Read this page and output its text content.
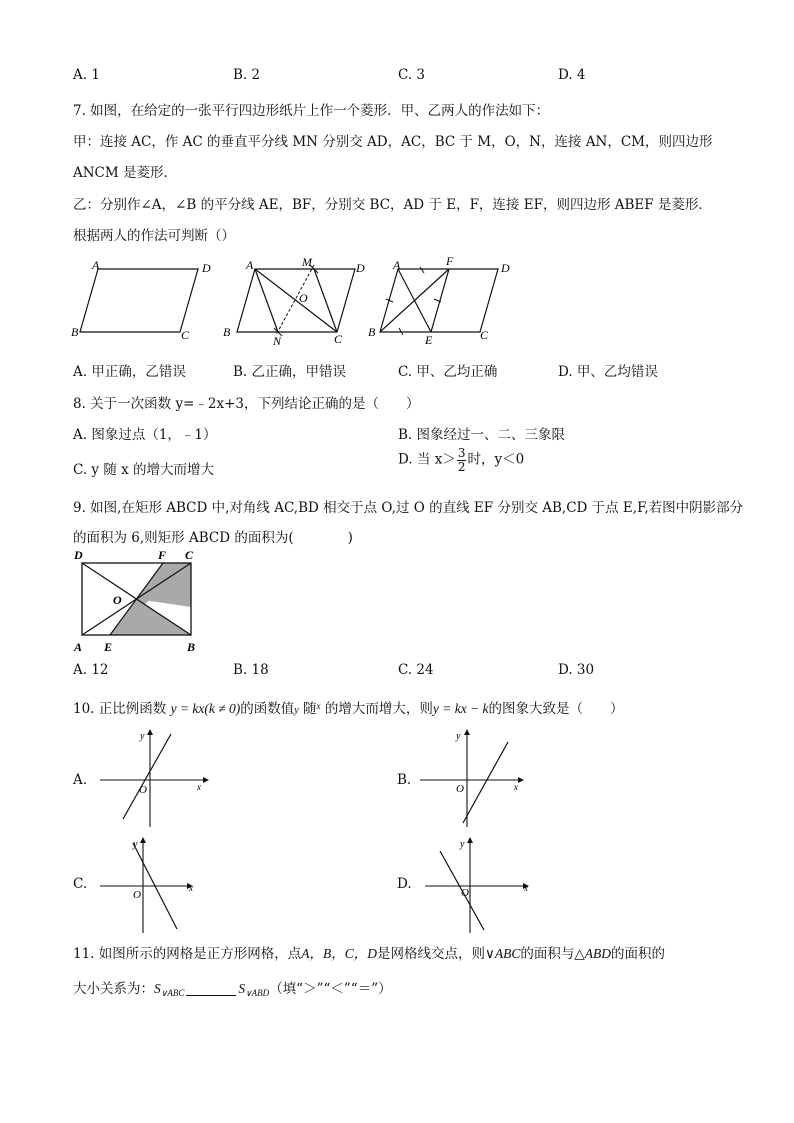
A. 1	B. 2	C. 3	D. 4
7. 如图，在给定的一张平行四边形纸片上作一个菱形．甲、乙两人的作法如下：
甲：连接 AC，作 AC 的垂直平分线 MN 分别交 AD，AC，BC 于 M，O，N，连接 AN，CM，则四边形
ANCM 是菱形．
乙：分别作∠A，∠B 的平分线 AE，BF，分别交 BC，AD 于 E，F，连接 EF，则四边形 ABEF 是菱形．
根据两人的作法可判断（）
A	D
B	C
A	M	D
O
B
N	C
A	F	D
B
E	C
A. 甲正确，乙错误	B. 乙正确，甲错误	C. 甲、乙均正确	D. 甲、乙均错误
8. 关于一次函数 y=﹣2x+3，下列结论正确的是（　　）
A. 图象过点（1，﹣1）	B. 图象经过一、二、三象限
C. y 随 x 的增大而增大
D. 当 $x> \frac{3}{2}$ 时，y＜0
9. 如图,在矩形 ABCD 中,对角线 AC,BD 相交于点 O,过 O 的直线 EF 分别交 AB,CD 于点 E,F,若图中阴影部分
的面积为 6,则矩形 ABCD 的面积为(　　　　)
D	F C
O
A E	B
A. 12	B. 18	C. 24	D. 30
10. 正比例函数 y = kx(k ≠ 0)的函数值y 随$^x$ 的增大而增大，则y = kx − k的图象大致是（　　）
A.
y
x
O
B.
y
x
O
C.
y
x
O
D.
y
x
O
11. 如图所示的网格是正方形网格，点A，B，C，D是网格线交点，则∨ABC的面积与△ABD的面积的
大小关系为：$S_{\vee ABC}$	$S_{\vee ABD}$（填“＞”“＜”“＝”）
